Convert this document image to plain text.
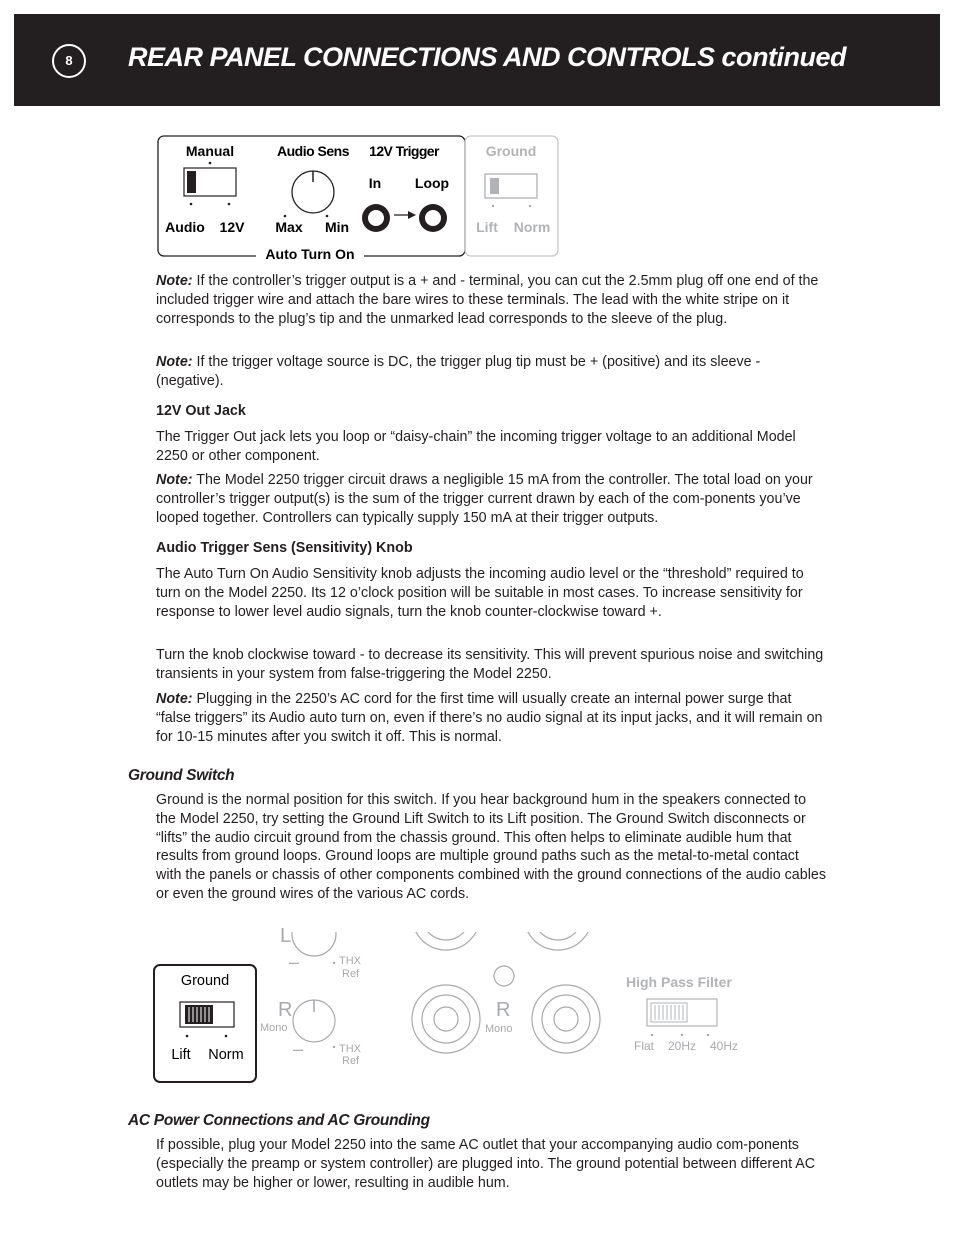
8	REAR PANEL CONNECTIONS AND CONTROLS continued
Manual
Audio 12V
Audio Sens
Max Min
12V Trigger
In Loop
Auto Turn On
Ground
Lift Norm

Note: If the controller’s trigger output is a + and - terminal, you can cut the 2.5mm plug off one end of the included trigger wire and attach the bare wires to these terminals. The lead with the white stripe on it corresponds to the plug’s tip and the unmarked lead corresponds to the sleeve of the plug.

Note: If the trigger voltage source is DC, the trigger plug tip must be + (positive) and its sleeve - (negative).

12V Out Jack

The Trigger Out jack lets you loop or “daisy-chain” the incoming trigger voltage to an additional Model 2250 or other component.

Note: The Model 2250 trigger circuit draws a negligible 15 mA from the controller. The total load on your controller’s trigger output(s) is the sum of the trigger current drawn by each of the com-ponents you’ve looped together. Controllers can typically supply 150 mA at their trigger outputs.

Audio Trigger Sens (Sensitivity) Knob

The Auto Turn On Audio Sensitivity knob adjusts the incoming audio level or the “threshold” required to turn on the Model 2250. Its 12 o’clock position will be suitable in most cases. To increase sensitivity for response to lower level audio signals, turn the knob counter-clockwise toward +.

Turn the knob clockwise toward - to decrease its sensitivity. This will prevent spurious noise and switching transients in your system from false-triggering the Model 2250.

Note: Plugging in the 2250’s AC cord for the first time will usually create an internal power surge that “false triggers” its Audio auto turn on, even if there’s no audio signal at its input jacks, and it will remain on for 10-15 minutes after you switch it off. This is normal.

Ground Switch

Ground is the normal position for this switch. If you hear background hum in the speakers connected to the Model 2250, try setting the Ground Lift Switch to its Lift position. The Ground Switch disconnects or “lifts” the audio circuit ground from the chassis ground. This often helps to eliminate audible hum that results from ground loops. Ground loops are multiple ground paths such as the metal-to-metal contact with the panels or chassis of other components combined with the ground connections of the audio cables or even the ground wires of the various AC cords.

Ground
Lift Norm
L
–	THX
Ref
R
Mono
–	THX
Ref
R
Mono
High Pass Filter
Flat 20Hz 40Hz
AC Power Connections and AC Grounding

If possible, plug your Model 2250 into the same AC outlet that your accompanying audio com-ponents (especially the preamp or system controller) are plugged into. The ground potential between different AC outlets may be higher or lower, resulting in audible hum.
